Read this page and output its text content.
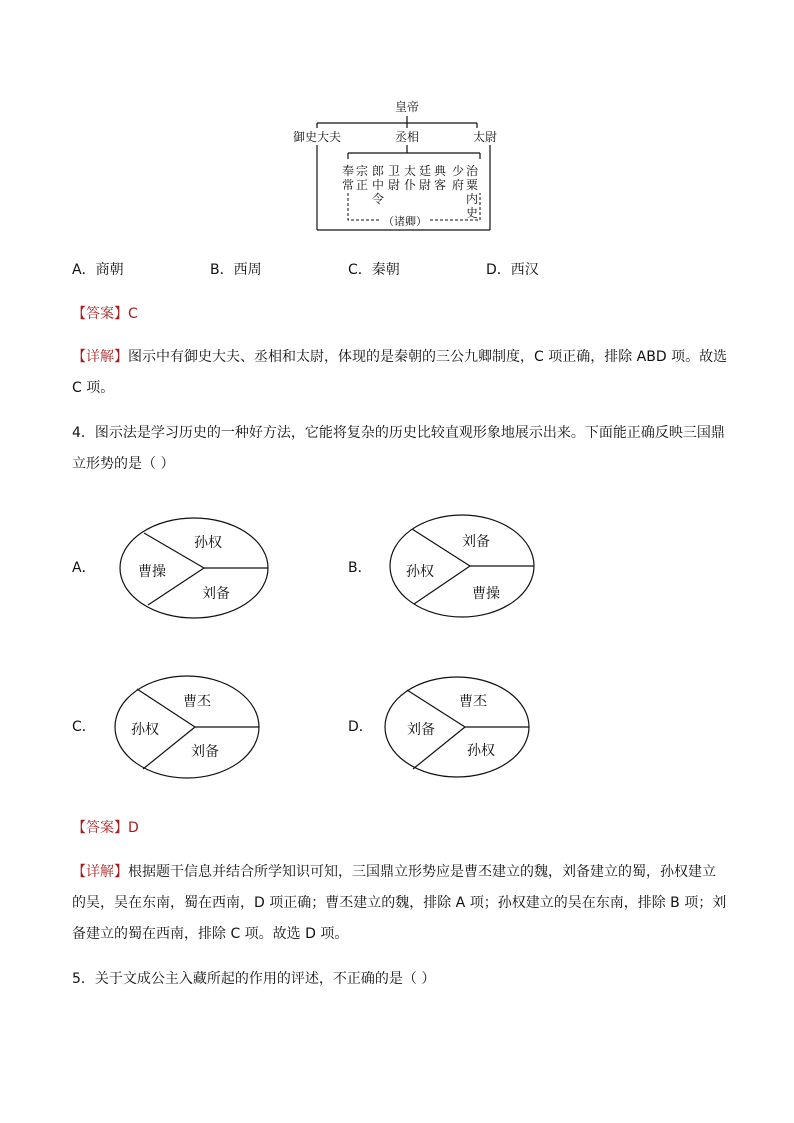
皇帝
御史大夫	丞相	太尉
奉
常
宗
正
郎
中
令
卫
尉
太
仆
廷
尉
典
客
少
府
治
粟
内
史
（诸卿）
A．商朝	B．西周	C．秦朝	D．西汉
【答案】C
【详解】图示中有御史大夫、丞相和太尉，体现的是秦朝的三公九卿制度，C 项正确，排除 ABD 项。故选
C 项。
4．图示法是学习历史的一种好方法，它能将复杂的历史比较直观形象地展示出来。下面能正确反映三国鼎
立形势的是（ ）
A．
孙权
曹操
刘备
B．
刘备
孙权
曹操
C．
曹丕
孙权
刘备
D．
曹丕
刘备
孙权
【答案】D
【详解】根据题干信息并结合所学知识可知，三国鼎立形势应是曹丕建立的魏，刘备建立的蜀，孙权建立
的吴，吴在东南，蜀在西南，D 项正确；曹丕建立的魏，排除 A 项；孙权建立的吴在东南，排除 B 项；刘
备建立的蜀在西南，排除 C 项。故选 D 项。
5．关于文成公主入藏所起的作用的评述，不正确的是（ ）
